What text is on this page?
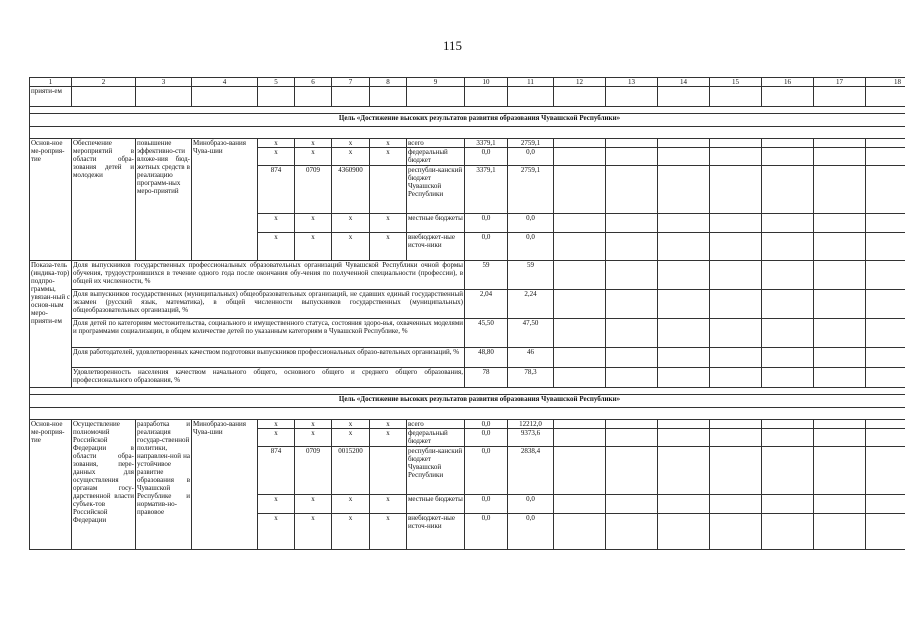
115
1	2	3	4	5	6	7	8	9	10	11	12	13	14	15	16	17	18
прияти-ем																	

Цель «Достижение высоких результатов развития образования Чувашской Республики»																	

Основ-ное ме-роприя-тие	Обеспечение мероприятий в области обра-зования детей и молодежи	повышение эффективно-сти вложе-ния бюд-жетных средств в реализацию программ-ных меро-приятий	Минобразо-вания Чува-шии	x	x	x	x	всего	3379,1	2759,1							
				x	x	x	x	федеральный бюджет	0,0	0,0							
				874	0709	4360900		республи-канский бюджет Чувашской Республики	3379,1	2759,1							
				x	x	x	x	местные бюджеты	0,0	0,0							
				x	x	x	x	внебюджет-ные источ-ники	0,0	0,0							
Показа-тель (индика-тор) подпро-граммы, увязан-ный с основ-ным меро-прияти-ем	Доля выпускников государственных профессиональных образовательных организаций Чувашской Республики очной формы обучения, трудоустроившихся в течение одного года после окончания обу-чения по полученной специальности (профессии), в общей их численности, %								59	59							
	Доля выпускников государственных (муниципальных) общеобразовательных организаций, не сдавших единый государственный экзамен (русский язык, математика), в общей численности выпускников государственных (муниципальных) общеобразовательных организаций, %								2,04	2,24							
	Доля детей по категориям местожительства, социального и имущественного статуса, состояния здоро-вья, охваченных моделями и программами социализации, в общем количестве детей по указанным категориям в Чувашской Республике, %								45,50	47,50							
	Доля работодателей, удовлетворенных качеством подготовки выпускников профессиональных образо-вательных организаций, %								48,80	46							
	Удовлетворенность населения качеством начального общего, основного общего и среднего общего образования, профессионального образования, %								78	78,3							

Цель «Достижение высоких результатов развития образования Чувашской Республики»																	

Основ-ное ме-роприя-тие	Осуществление полномочий Российской Федерации в области обра-зования, пере-данных для осуществления органам госу-дарственной власти субъек-тов Российской Федерации	разработка и реализация государ-ственной политики, направлен-ной на устойчивое развитие образования в Чувашской Республике и норматив-но-правовое	Минобразо-вания Чува-шии	x	x	x	x	всего	0,0	12212,0							
				x	x	x	x	федеральный бюджет	0,0	9373,6							
				874	0709	0015200		республи-канский бюджет Чувашской Республики	0,0	2838,4							
				x	x	x	x	местные бюджеты	0,0	0,0							
				x	x	x	x	внебюджет-ные источ-ники	0,0	0,0							
